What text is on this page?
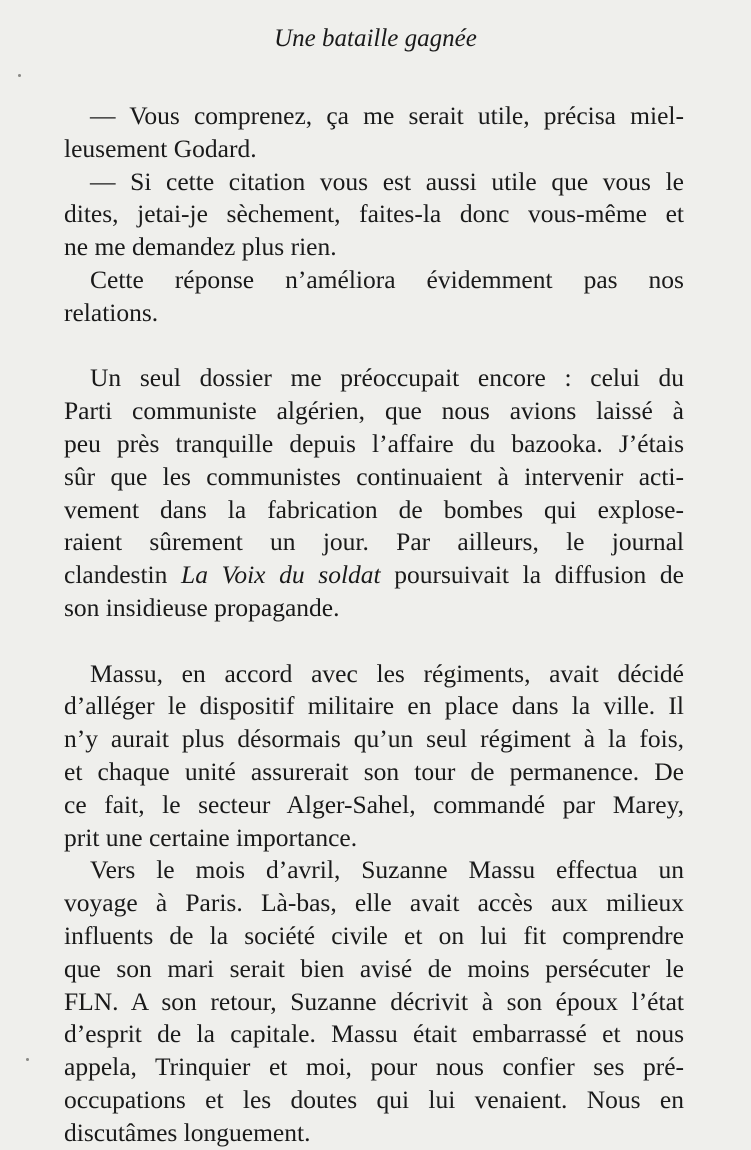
Une bataille gagnée
— Vous comprenez, ça me serait utile, précisa miel-
leusement Godard.
— Si cette citation vous est aussi utile que vous le
dites, jetai-je sèchement, faites-la donc vous-même et
ne me demandez plus rien.
Cette réponse n’améliora évidemment pas nos
relations.
Un seul dossier me préoccupait encore : celui du
Parti communiste algérien, que nous avions laissé à
peu près tranquille depuis l’affaire du bazooka. J’étais
sûr que les communistes continuaient à intervenir acti-
vement dans la fabrication de bombes qui explose-
raient sûrement un jour. Par ailleurs, le journal
clandestin La Voix du soldat poursuivait la diffusion de
son insidieuse propagande.
Massu, en accord avec les régiments, avait décidé
d’alléger le dispositif militaire en place dans la ville. Il
n’y aurait plus désormais qu’un seul régiment à la fois,
et chaque unité assurerait son tour de permanence. De
ce fait, le secteur Alger-Sahel, commandé par Marey,
prit une certaine importance.
Vers le mois d’avril, Suzanne Massu effectua un
voyage à Paris. Là-bas, elle avait accès aux milieux
influents de la société civile et on lui fit comprendre
que son mari serait bien avisé de moins persécuter le
FLN. A son retour, Suzanne décrivit à son époux l’état
d’esprit de la capitale. Massu était embarrassé et nous
appela, Trinquier et moi, pour nous confier ses pré-
occupations et les doutes qui lui venaient. Nous en
discutâmes longuement.
